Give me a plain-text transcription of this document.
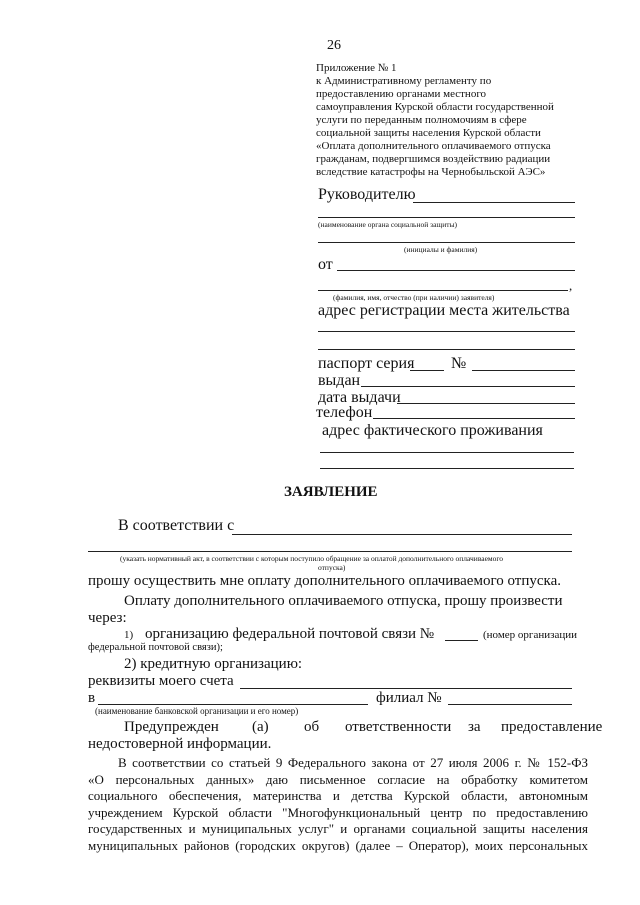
26
Приложение № 1
к Административному регламенту по
предоставлению органами местного
самоуправления Курской области государственной
услуги по переданным полномочиям в сфере
социальной защиты населения Курской области
«Оплата дополнительного оплачиваемого отпуска
гражданам, подвергшимся воздействию радиации
вследствие катастрофы на Чернобыльской АЭС»
Руководителю
(наименование органа социальной защиты)
(инициалы и фамилия)
от
,
(фамилия, имя, отчество (при наличии) заявителя)
адрес регистрации места жительства
паспорт серия №
выдан
дата выдачи
телефон
адрес фактического проживания
ЗАЯВЛЕНИЕ
В соответствии с
(указать нормативный акт, в соответствии с которым поступило обращение за оплатой дополнительного оплачиваемого
отпуска)
прошу осуществить мне оплату дополнительного оплачиваемого отпуска.
Оплату дополнительного оплачиваемого отпуска, прошу произвести
через:
1) организацию федеральной почтовой связи №	(номер организации
федеральной почтовой связи);
2) кредитную организацию:
реквизиты моего счета
в	филиал №
(наименование банковской организации и его номер)
Предупрежден (а) об ответственности за предоставление
недостоверной информации.
В соответствии со статьей 9 Федерального закона от 27 июля 2006 г. № 152-ФЗ
«О персональных данных» даю письменное согласие на обработку комитетом
социального обеспечения, материнства и детства Курской области, автономным
учреждением Курской области "Многофункциональный центр по предоставлению
государственных и муниципальных услуг" и органами социальной защиты населения
муниципальных районов (городских округов) (далее – Оператор), моих персональных
